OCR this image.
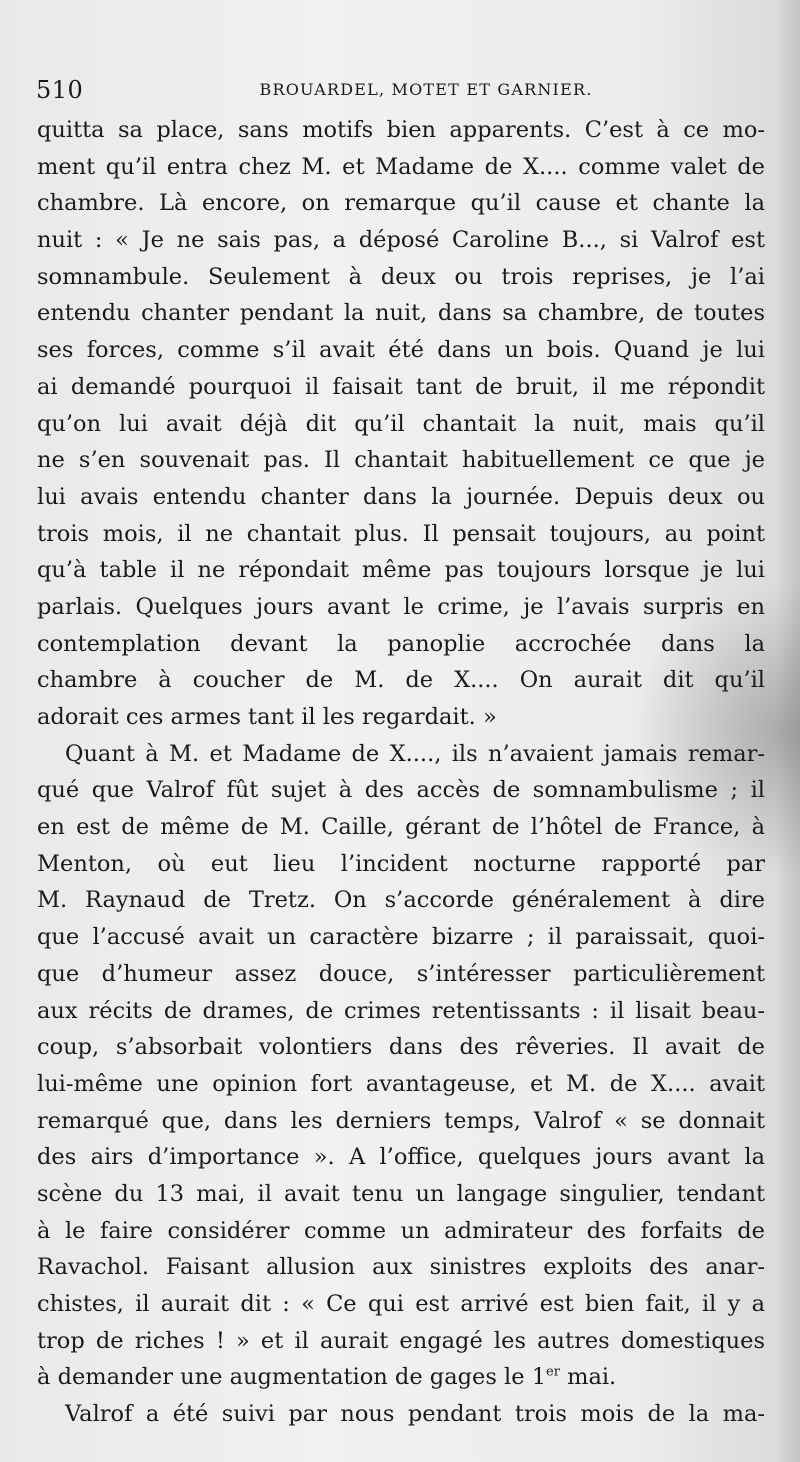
510	BROUARDEL, MOTET ET GARNIER.
quitta sa place, sans motifs bien apparents. C’est à ce mo-
ment qu’il entra chez M. et Madame de X.... comme valet de
chambre. Là encore, on remarque qu’il cause et chante la
nuit : « Je ne sais pas, a déposé Caroline B..., si Valrof est
somnambule. Seulement à deux ou trois reprises, je l’ai
entendu chanter pendant la nuit, dans sa chambre, de toutes
ses forces, comme s’il avait été dans un bois. Quand je lui
ai demandé pourquoi il faisait tant de bruit, il me répondit
qu’on lui avait déjà dit qu’il chantait la nuit, mais qu’il
ne s’en souvenait pas. Il chantait habituellement ce que je
lui avais entendu chanter dans la journée. Depuis deux ou
trois mois, il ne chantait plus. Il pensait toujours, au point
qu’à table il ne répondait même pas toujours lorsque je lui
parlais. Quelques jours avant le crime, je l’avais surpris en
contemplation devant la panoplie accrochée dans la
chambre à coucher de M. de X.... On aurait dit qu’il
adorait ces armes tant il les regardait. »
Quant à M. et Madame de X...., ils n’avaient jamais remar-
qué que Valrof fût sujet à des accès de somnambulisme ; il
en est de même de M. Caille, gérant de l’hôtel de France, à
Menton, où eut lieu l’incident nocturne rapporté par
M. Raynaud de Tretz. On s’accorde généralement à dire
que l’accusé avait un caractère bizarre ; il paraissait, quoi-
que d’humeur assez douce, s’intéresser particulièrement
aux récits de drames, de crimes retentissants : il lisait beau-
coup, s’absorbait volontiers dans des rêveries. Il avait de
lui-même une opinion fort avantageuse, et M. de X.... avait
remarqué que, dans les derniers temps, Valrof « se donnait
des airs d’importance ». A l’office, quelques jours avant la
scène du 13 mai, il avait tenu un langage singulier, tendant
à le faire considérer comme un admirateur des forfaits de
Ravachol. Faisant allusion aux sinistres exploits des anar-
chistes, il aurait dit : « Ce qui est arrivé est bien fait, il y a
trop de riches ! » et il aurait engagé les autres domestiques
à demander une augmentation de gages le 1er mai.
Valrof a été suivi par nous pendant trois mois de la ma-
